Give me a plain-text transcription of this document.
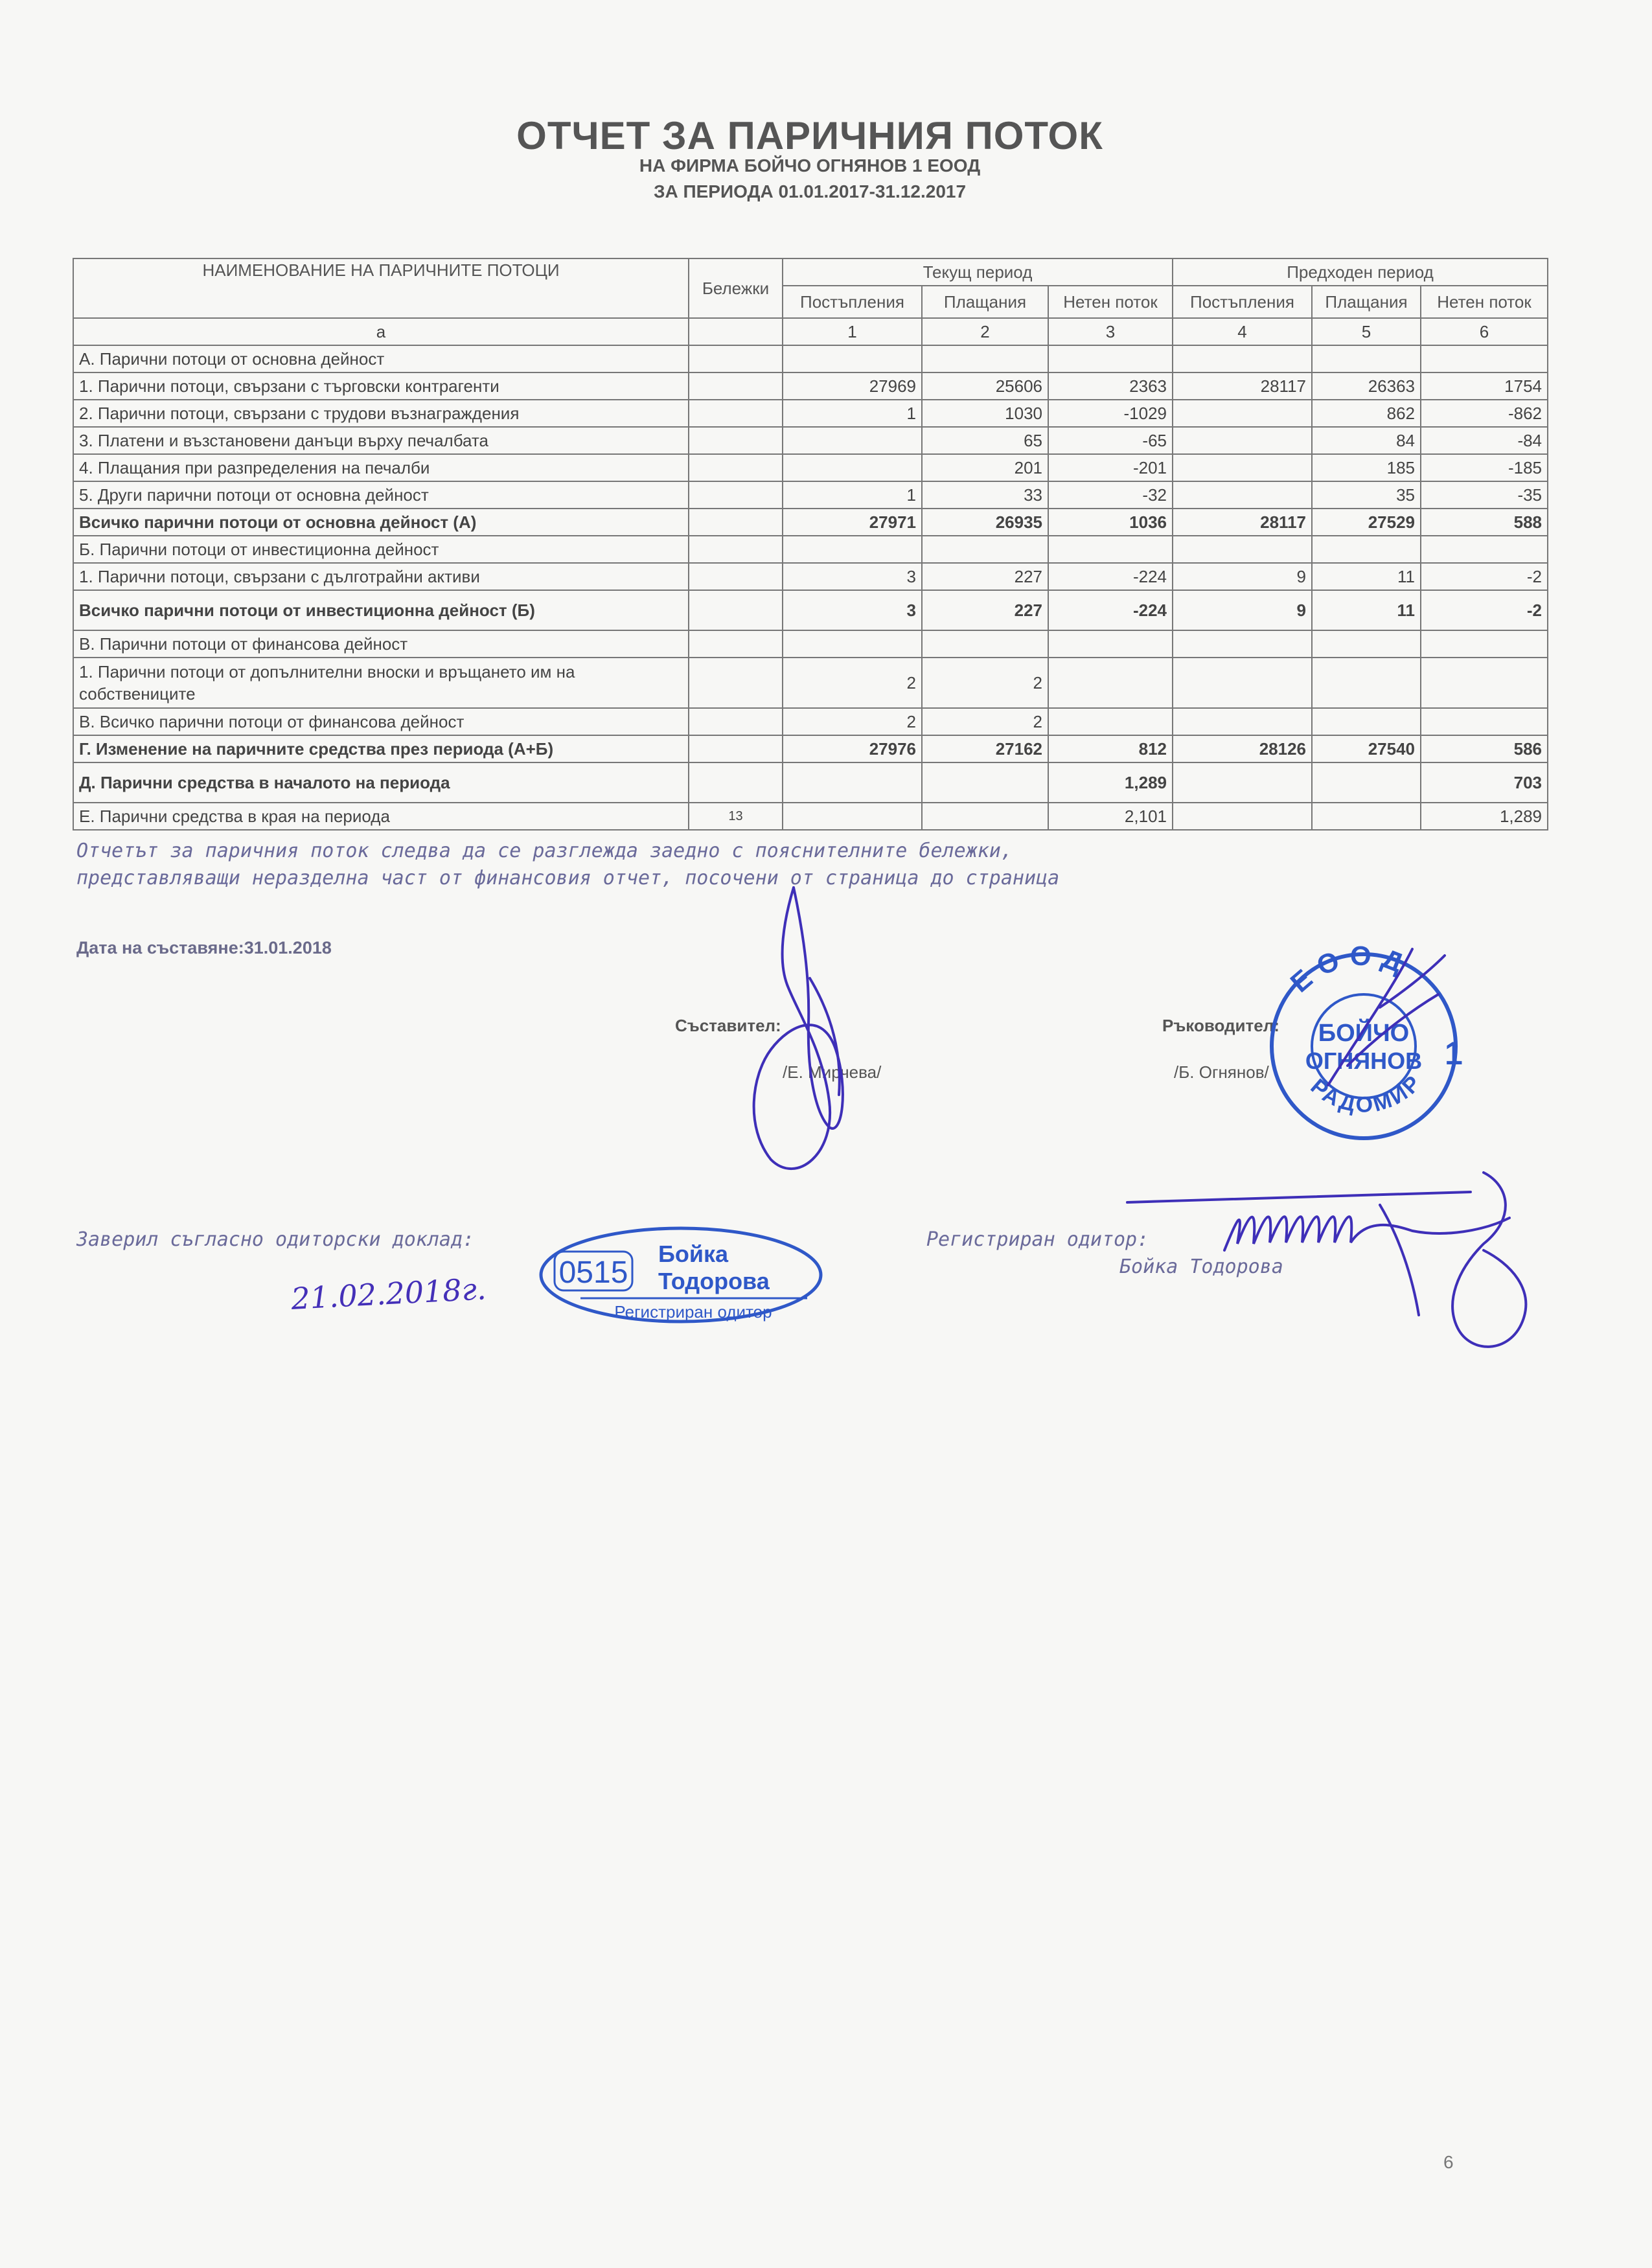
ОТЧЕТ ЗА ПАРИЧНИЯ ПОТОК
НА ФИРМА БОЙЧО ОГНЯНОВ 1 ЕООД
ЗА ПЕРИОДА 01.01.2017-31.12.2017
НАИМЕНОВАНИЕ НА ПАРИЧНИТЕ ПОТОЦИ	Бележки	Текущ период			Предходен период		
		Постъпления	Плащания	Нетен поток	Постъпления	Плащания	Нетен поток
а		1	2	3	4	5	6
А. Парични потоци от основна дейност							
1. Парични потоци, свързани с търговски контрагенти		27969	25606	2363	28117	26363	1754
2. Парични потоци, свързани с трудови възнаграждения		1	1030	-1029		862	-862
3. Платени и възстановени данъци върху печалбата			65	-65		84	-84
4. Плащания при разпределения на печалби			201	-201		185	-185
5. Други парични потоци от основна дейност		1	33	-32		35	-35
Всичко парични потоци от основна дейност (А)		27971	26935	1036	28117	27529	588
Б. Парични потоци от инвестиционна дейност							
1. Парични потоци, свързани с дълготрайни активи		3	227	-224	9	11	-2
Всичко парични потоци от инвестиционна дейност (Б)		3	227	-224	9	11	-2
В. Парични потоци от финансова дейност							
1. Парични потоци от допълнителни вноски и връщането им на собствениците		2	2				
В. Всичко парични потоци от финансова дейност		2	2				
Г. Изменение на паричните средства през периода (А+Б)		27976	27162	812	28126	27540	586
Д. Парични средства в началото на периода				1,289			703
Е. Парични средства в края на периода	13			2,101			1,289
Отчетът за паричния поток следва да се разглежда заедно с пояснителните бележки,
представляващи неразделна част от финансовия отчет, посочени от страница до страница
Дата на съставяне:31.01.2018
Съставител:
/Е. Мирчева/
Ръководител:
/Б. Огнянов/
Заверил съгласно одиторски доклад:	Регистриран одитор:
Бойка Тодорова
21.02.2018г.
ЕООД
РАДОМИР
БОЙЧО
ОГНЯНОВ 1
0515
Бойка
Тодорова
Регистриран одитор
6
